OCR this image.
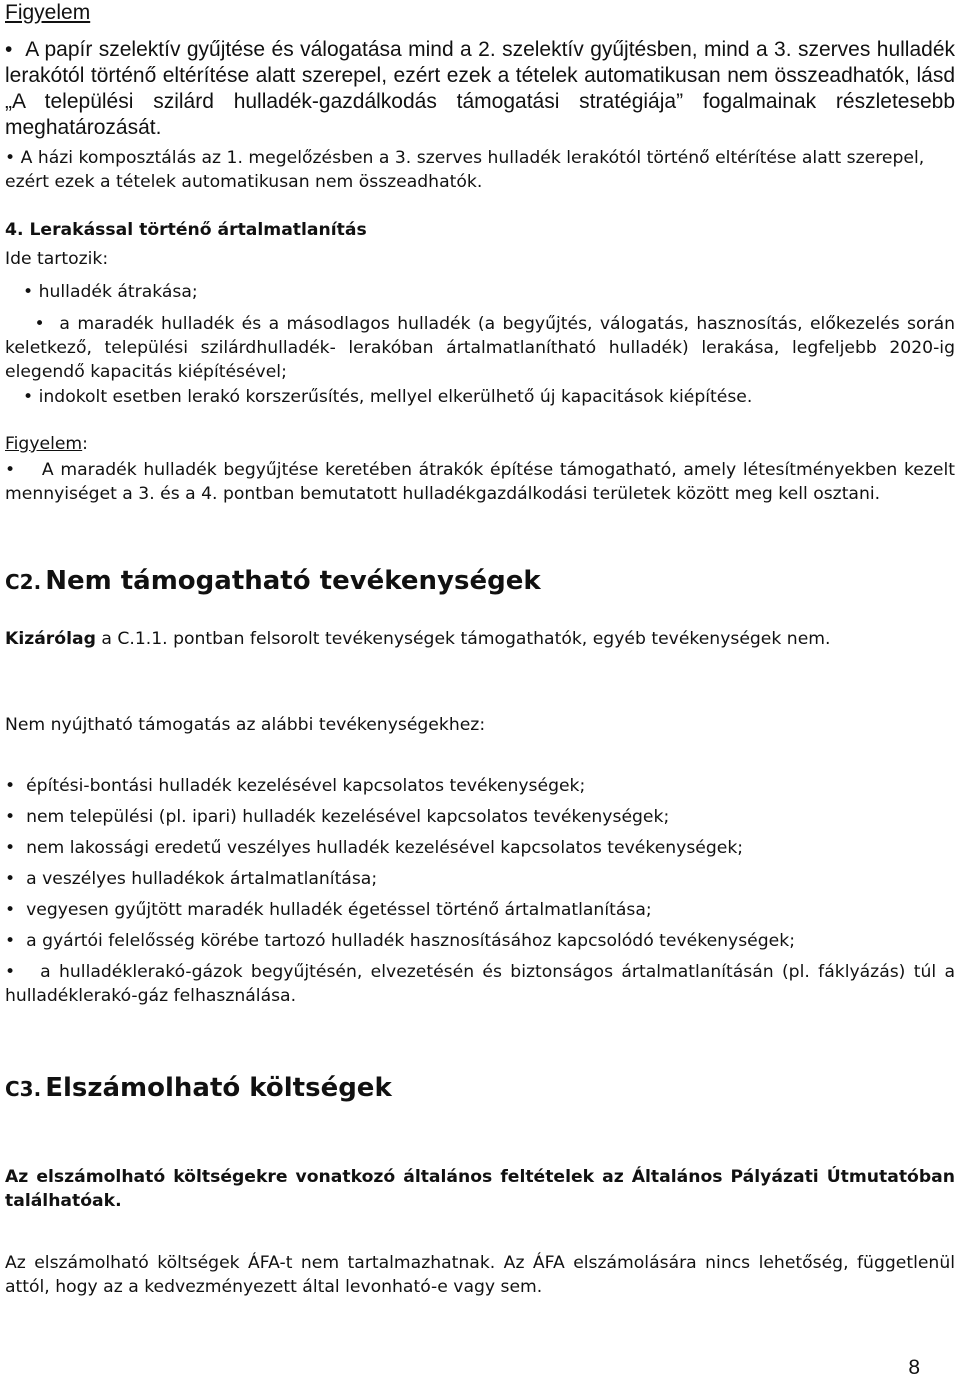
Figyelem
•  A papír szelektív gyűjtése és válogatása mind a 2. szelektív gyűjtésben, mind a 3. szerves hulladék lerakótól történő eltérítése alatt szerepel, ezért ezek a tételek automatikusan nem összeadhatók, lásd „A települési szilárd hulladék-gazdálkodás támogatási stratégiája” fogalmainak részletesebb meghatározását.
• A házi komposztálás az 1. megelőzésben a 3. szerves hulladék lerakótól történő eltérítése alatt szerepel, ezért ezek a tételek automatikusan nem összeadhatók.
4. Lerakással történő ártalmatlanítás
Ide tartozik:
• hulladék átrakása;
•  a maradék hulladék és a másodlagos hulladék (a begyűjtés, válogatás, hasznosítás, előkezelés során keletkező, települési szilárdhulladék- lerakóban ártalmatlanítható hulladék) lerakása, legfeljebb 2020-ig elegendő kapacitás kiépítésével;
• indokolt esetben lerakó korszerűsítés, mellyel elkerülhető új kapacitások kiépítése.
Figyelem:
•    A maradék hulladék begyűjtése keretében átrakók építése támogatható, amely létesítményekben kezelt mennyiséget a 3. és a 4. pontban bemutatott hulladékgazdálkodási területek között meg kell osztani.
C2. Nem támogatható tevékenységek
Kizárólag a C.1.1. pontban felsorolt tevékenységek támogathatók, egyéb tevékenységek nem.
Nem nyújtható támogatás az alábbi tevékenységekhez:
•  építési-bontási hulladék kezelésével kapcsolatos tevékenységek;
•  nem települési (pl. ipari) hulladék kezelésével kapcsolatos tevékenységek;
•  nem lakossági eredetű veszélyes hulladék kezelésével kapcsolatos tevékenységek;
•  a veszélyes hulladékok ártalmatlanítása;
•  vegyesen gyűjtött maradék hulladék égetéssel történő ártalmatlanítása;
•  a gyártói felelősség körébe tartozó hulladék hasznosításához kapcsolódó tevékenységek;
•   a hulladéklerakó-gázok begyűjtésén, elvezetésén és biztonságos ártalmatlanításán (pl. fáklyázás) túl a hulladéklerakó-gáz felhasználása.
C3. Elszámolható költségek
Az elszámolható költségekre vonatkozó általános feltételek az Általános Pályázati Útmutatóban találhatóak.
Az elszámolható költségek ÁFA-t nem tartalmazhatnak. Az ÁFA elszámolására nincs lehetőség, függetlenül attól, hogy az a kedvezményezett által levonható-e vagy sem.
8
